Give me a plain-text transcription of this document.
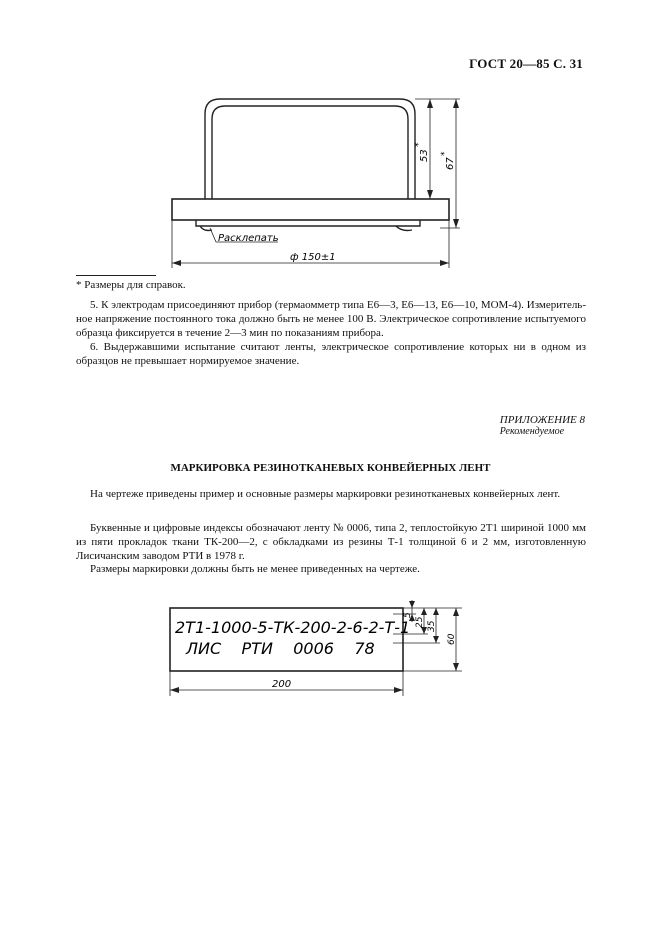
ГОСТ 20—85 С. 31
53
*
67
*
Расклепать
ф 150±1
* Размеры для справок.

5. К электродам присоединяют прибор (термаомметр типа Е6—3, Е6—13, Е6—10, МОМ-4). Измеритель-ное напряжение постоянного тока должно быть не менее 100 В. Электрическое сопротивление испытуемого образца фиксируется в течение 2—3 мин по показаниям прибора.

6. Выдержавшими испытание считают ленты, электрическое сопротивление которых ни в одном из образцов не превышает нормируемое значение.

ПРИЛОЖЕНИЕ 8
Рекомендуемое
МАРКИРОВКА РЕЗИНОТКАНЕВЫХ КОНВЕЙЕРНЫХ ЛЕНТ

На чертеже приведены пример и основные размеры маркировки резинотканевых конвейерных лент.

Буквенные и цифровые индексы обозначают ленту № 0006, типа 2, теплостойкую 2Т1 шириной 1000 мм из пяти прокладок ткани ТК-200—2, с обкладками из резины Т-1 толщиной 6 и 2 мм, изготовленную Лисичанским заводом РТИ в 1978 г.

Размеры маркировки должны быть не менее приведенных на чертеже.

2Т1-1000-5-ТК-200-2-6-2-Т-1
ЛИС    РТИ    0006    78
5
25 35
60
200
